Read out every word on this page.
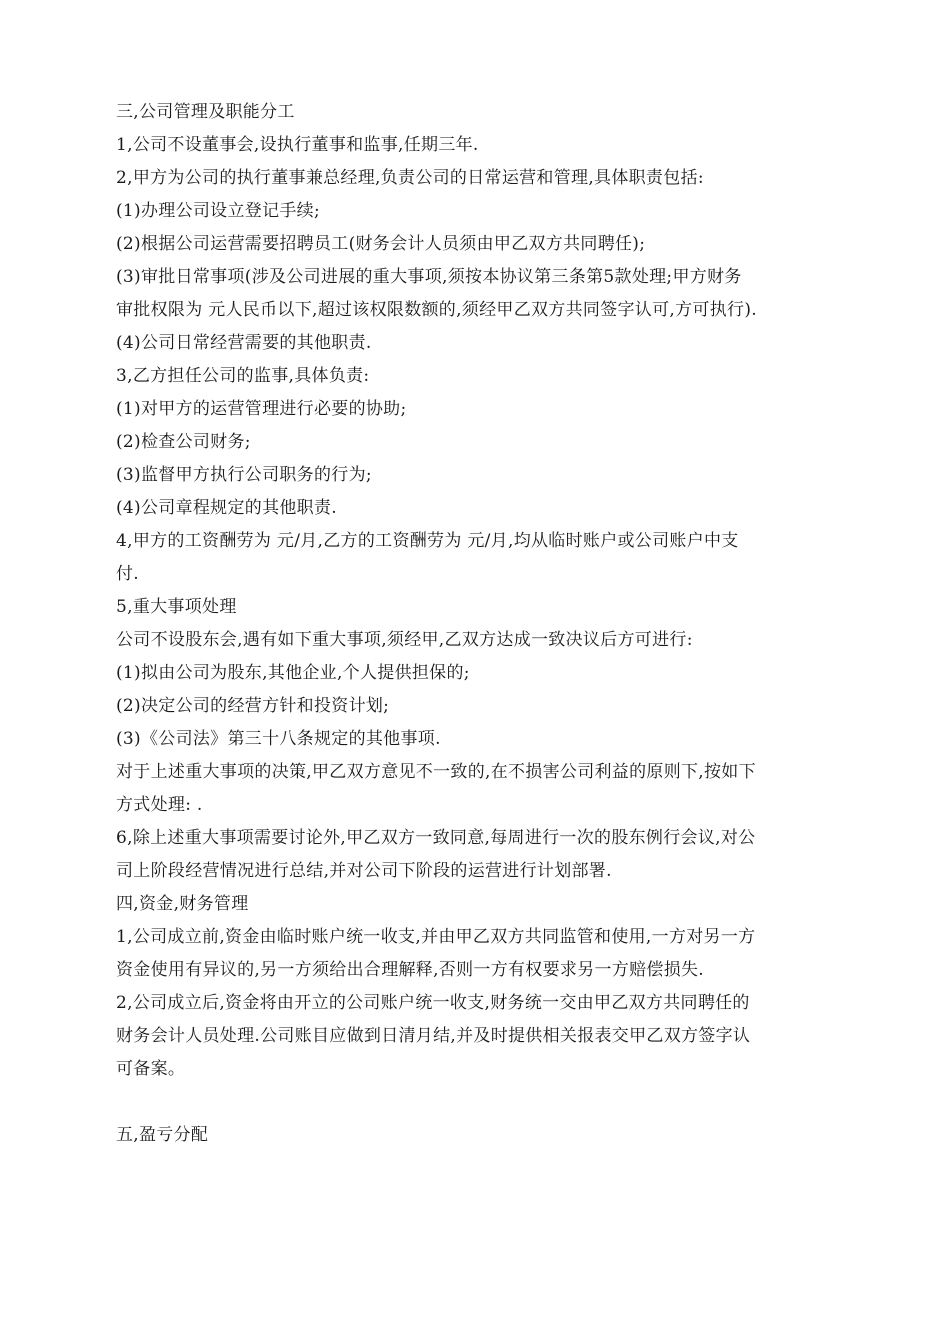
三,公司管理及职能分工
1,公司不设董事会,设执行董事和监事,任期三年.
2,甲方为公司的执行董事兼总经理,负责公司的日常运营和管理,具体职责包括:
(1)办理公司设立登记手续;
(2)根据公司运营需要招聘员工(财务会计人员须由甲乙双方共同聘任);
(3)审批日常事项(涉及公司进展的重大事项,须按本协议第三条第5款处理;甲方财务
审批权限为 元人民币以下,超过该权限数额的,须经甲乙双方共同签字认可,方可执行).
(4)公司日常经营需要的其他职责.
3,乙方担任公司的监事,具体负责:
(1)对甲方的运营管理进行必要的协助;
(2)检查公司财务;
(3)监督甲方执行公司职务的行为;
(4)公司章程规定的其他职责.
4,甲方的工资酬劳为 元/月,乙方的工资酬劳为 元/月,均从临时账户或公司账户中支
付.
5,重大事项处理
公司不设股东会,遇有如下重大事项,须经甲,乙双方达成一致决议后方可进行:
(1)拟由公司为股东,其他企业,个人提供担保的;
(2)决定公司的经营方针和投资计划;
(3)《公司法》第三十八条规定的其他事项.
对于上述重大事项的决策,甲乙双方意见不一致的,在不损害公司利益的原则下,按如下
方式处理: .
6,除上述重大事项需要讨论外,甲乙双方一致同意,每周进行一次的股东例行会议,对公
司上阶段经营情况进行总结,并对公司下阶段的运营进行计划部署.
四,资金,财务管理
1,公司成立前,资金由临时账户统一收支,并由甲乙双方共同监管和使用,一方对另一方
资金使用有异议的,另一方须给出合理解释,否则一方有权要求另一方赔偿损失.
2,公司成立后,资金将由开立的公司账户统一收支,财务统一交由甲乙双方共同聘任的
财务会计人员处理.公司账目应做到日清月结,并及时提供相关报表交甲乙双方签字认
可备案。
五,盈亏分配
